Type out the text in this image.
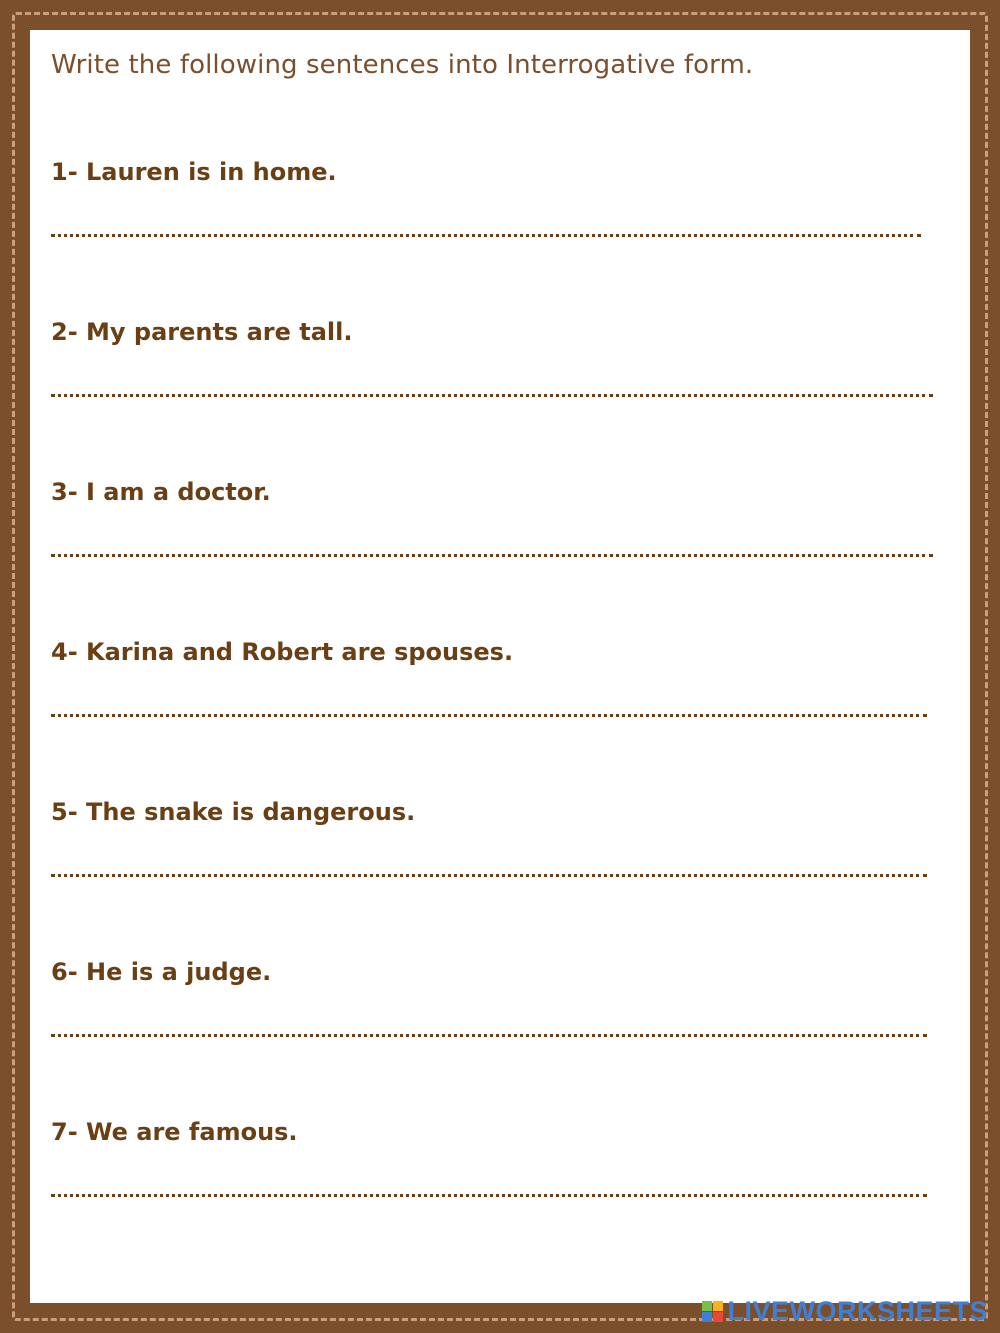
Write the following sentences into Interrogative form.

1- Lauren is in home.

2- My parents are tall.

3- I am a doctor.

4- Karina and Robert are spouses.

5- The snake is dangerous.

6- He is a judge.

7- We are famous.

LIVEWORKSHEETS
